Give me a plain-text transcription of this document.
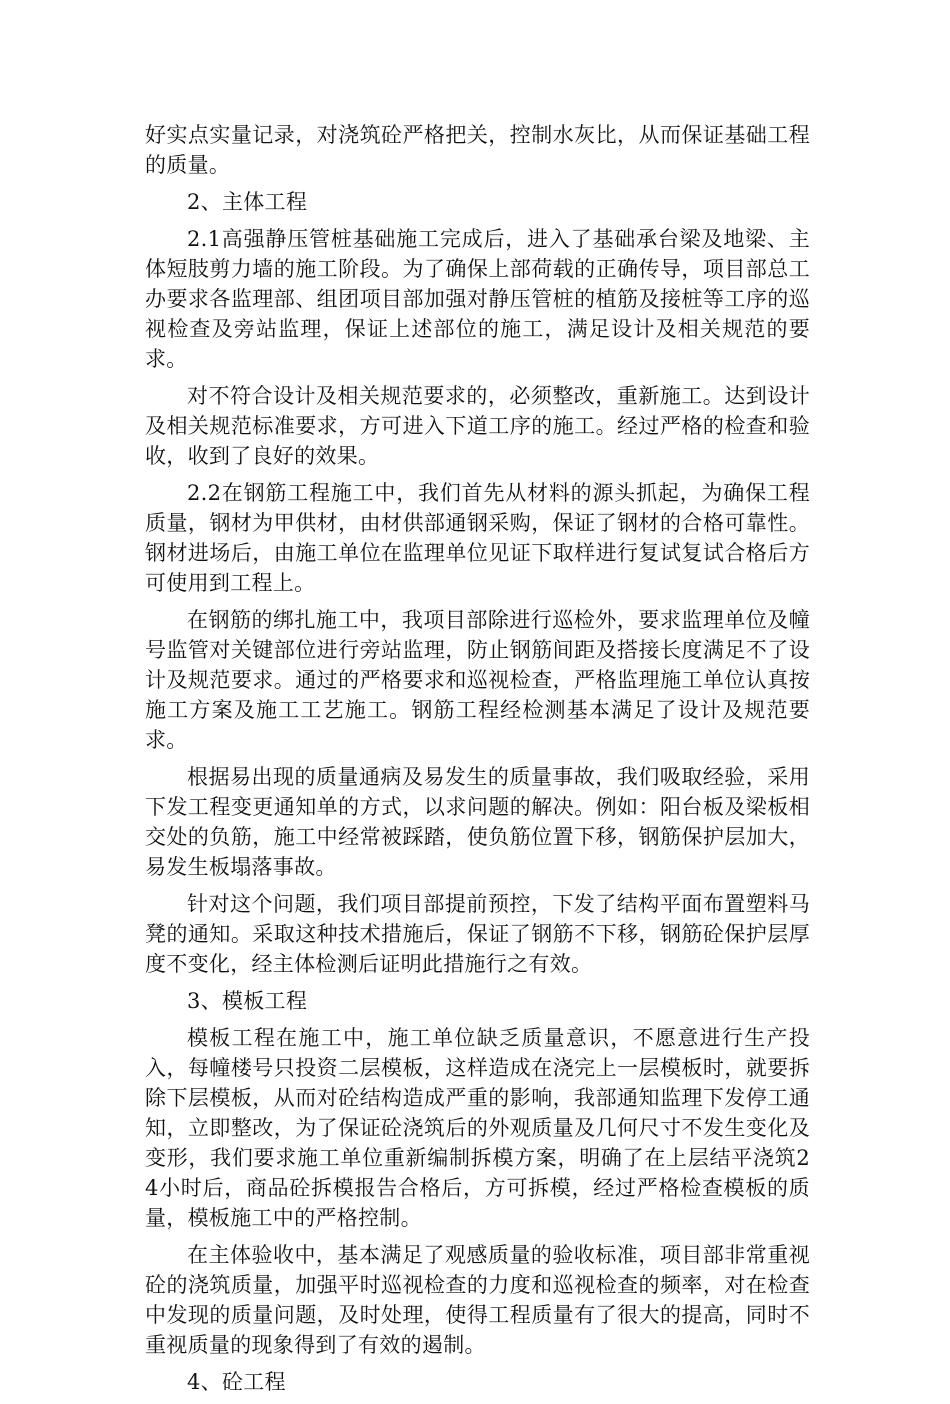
好实点实量记录，对浇筑砼严格把关，控制水灰比，从而保证基础工程的质量。

2、主体工程

2.1高强静压管桩基础施工完成后，进入了基础承台梁及地梁、主体短肢剪力墙的施工阶段。为了确保上部荷载的正确传导，项目部总工办要求各监理部、组团项目部加强对静压管桩的植筋及接桩等工序的巡视检查及旁站监理，保证上述部位的施工，满足设计及相关规范的要求。

对不符合设计及相关规范要求的，必须整改，重新施工。达到设计及相关规范标准要求，方可进入下道工序的施工。经过严格的检查和验收，收到了良好的效果。

2.2在钢筋工程施工中，我们首先从材料的源头抓起，为确保工程质量，钢材为甲供材，由材供部通钢采购，保证了钢材的合格可靠性。钢材进场后，由施工单位在监理单位见证下取样进行复试复试合格后方可使用到工程上。

在钢筋的绑扎施工中，我项目部除进行巡检外，要求监理单位及幢号监管对关键部位进行旁站监理，防止钢筋间距及搭接长度满足不了设计及规范要求。通过的严格要求和巡视检查，严格监理施工单位认真按施工方案及施工工艺施工。钢筋工程经检测基本满足了设计及规范要求。

根据易出现的质量通病及易发生的质量事故，我们吸取经验，采用下发工程变更通知单的方式，以求问题的解决。例如：阳台板及梁板相交处的负筋，施工中经常被踩踏，使负筋位置下移，钢筋保护层加大，易发生板塌落事故。

针对这个问题，我们项目部提前预控，下发了结构平面布置塑料马凳的通知。采取这种技术措施后，保证了钢筋不下移，钢筋砼保护层厚度不变化，经主体检测后证明此措施行之有效。

3、模板工程

模板工程在施工中，施工单位缺乏质量意识，不愿意进行生产投入，每幢楼号只投资二层模板，这样造成在浇完上一层模板时，就要拆除下层模板，从而对砼结构造成严重的影响，我部通知监理下发停工通知，立即整改，为了保证砼浇筑后的外观质量及几何尺寸不发生变化及变形，我们要求施工单位重新编制拆模方案，明确了在上层结平浇筑24小时后，商品砼拆模报告合格后，方可拆模，经过严格检查模板的质量，模板施工中的严格控制。

在主体验收中，基本满足了观感质量的验收标准，项目部非常重视砼的浇筑质量，加强平时巡视检查的力度和巡视检查的频率，对在检查中发现的质量问题，及时处理，使得工程质量有了很大的提高，同时不重视质量的现象得到了有效的遏制。

4、砼工程
